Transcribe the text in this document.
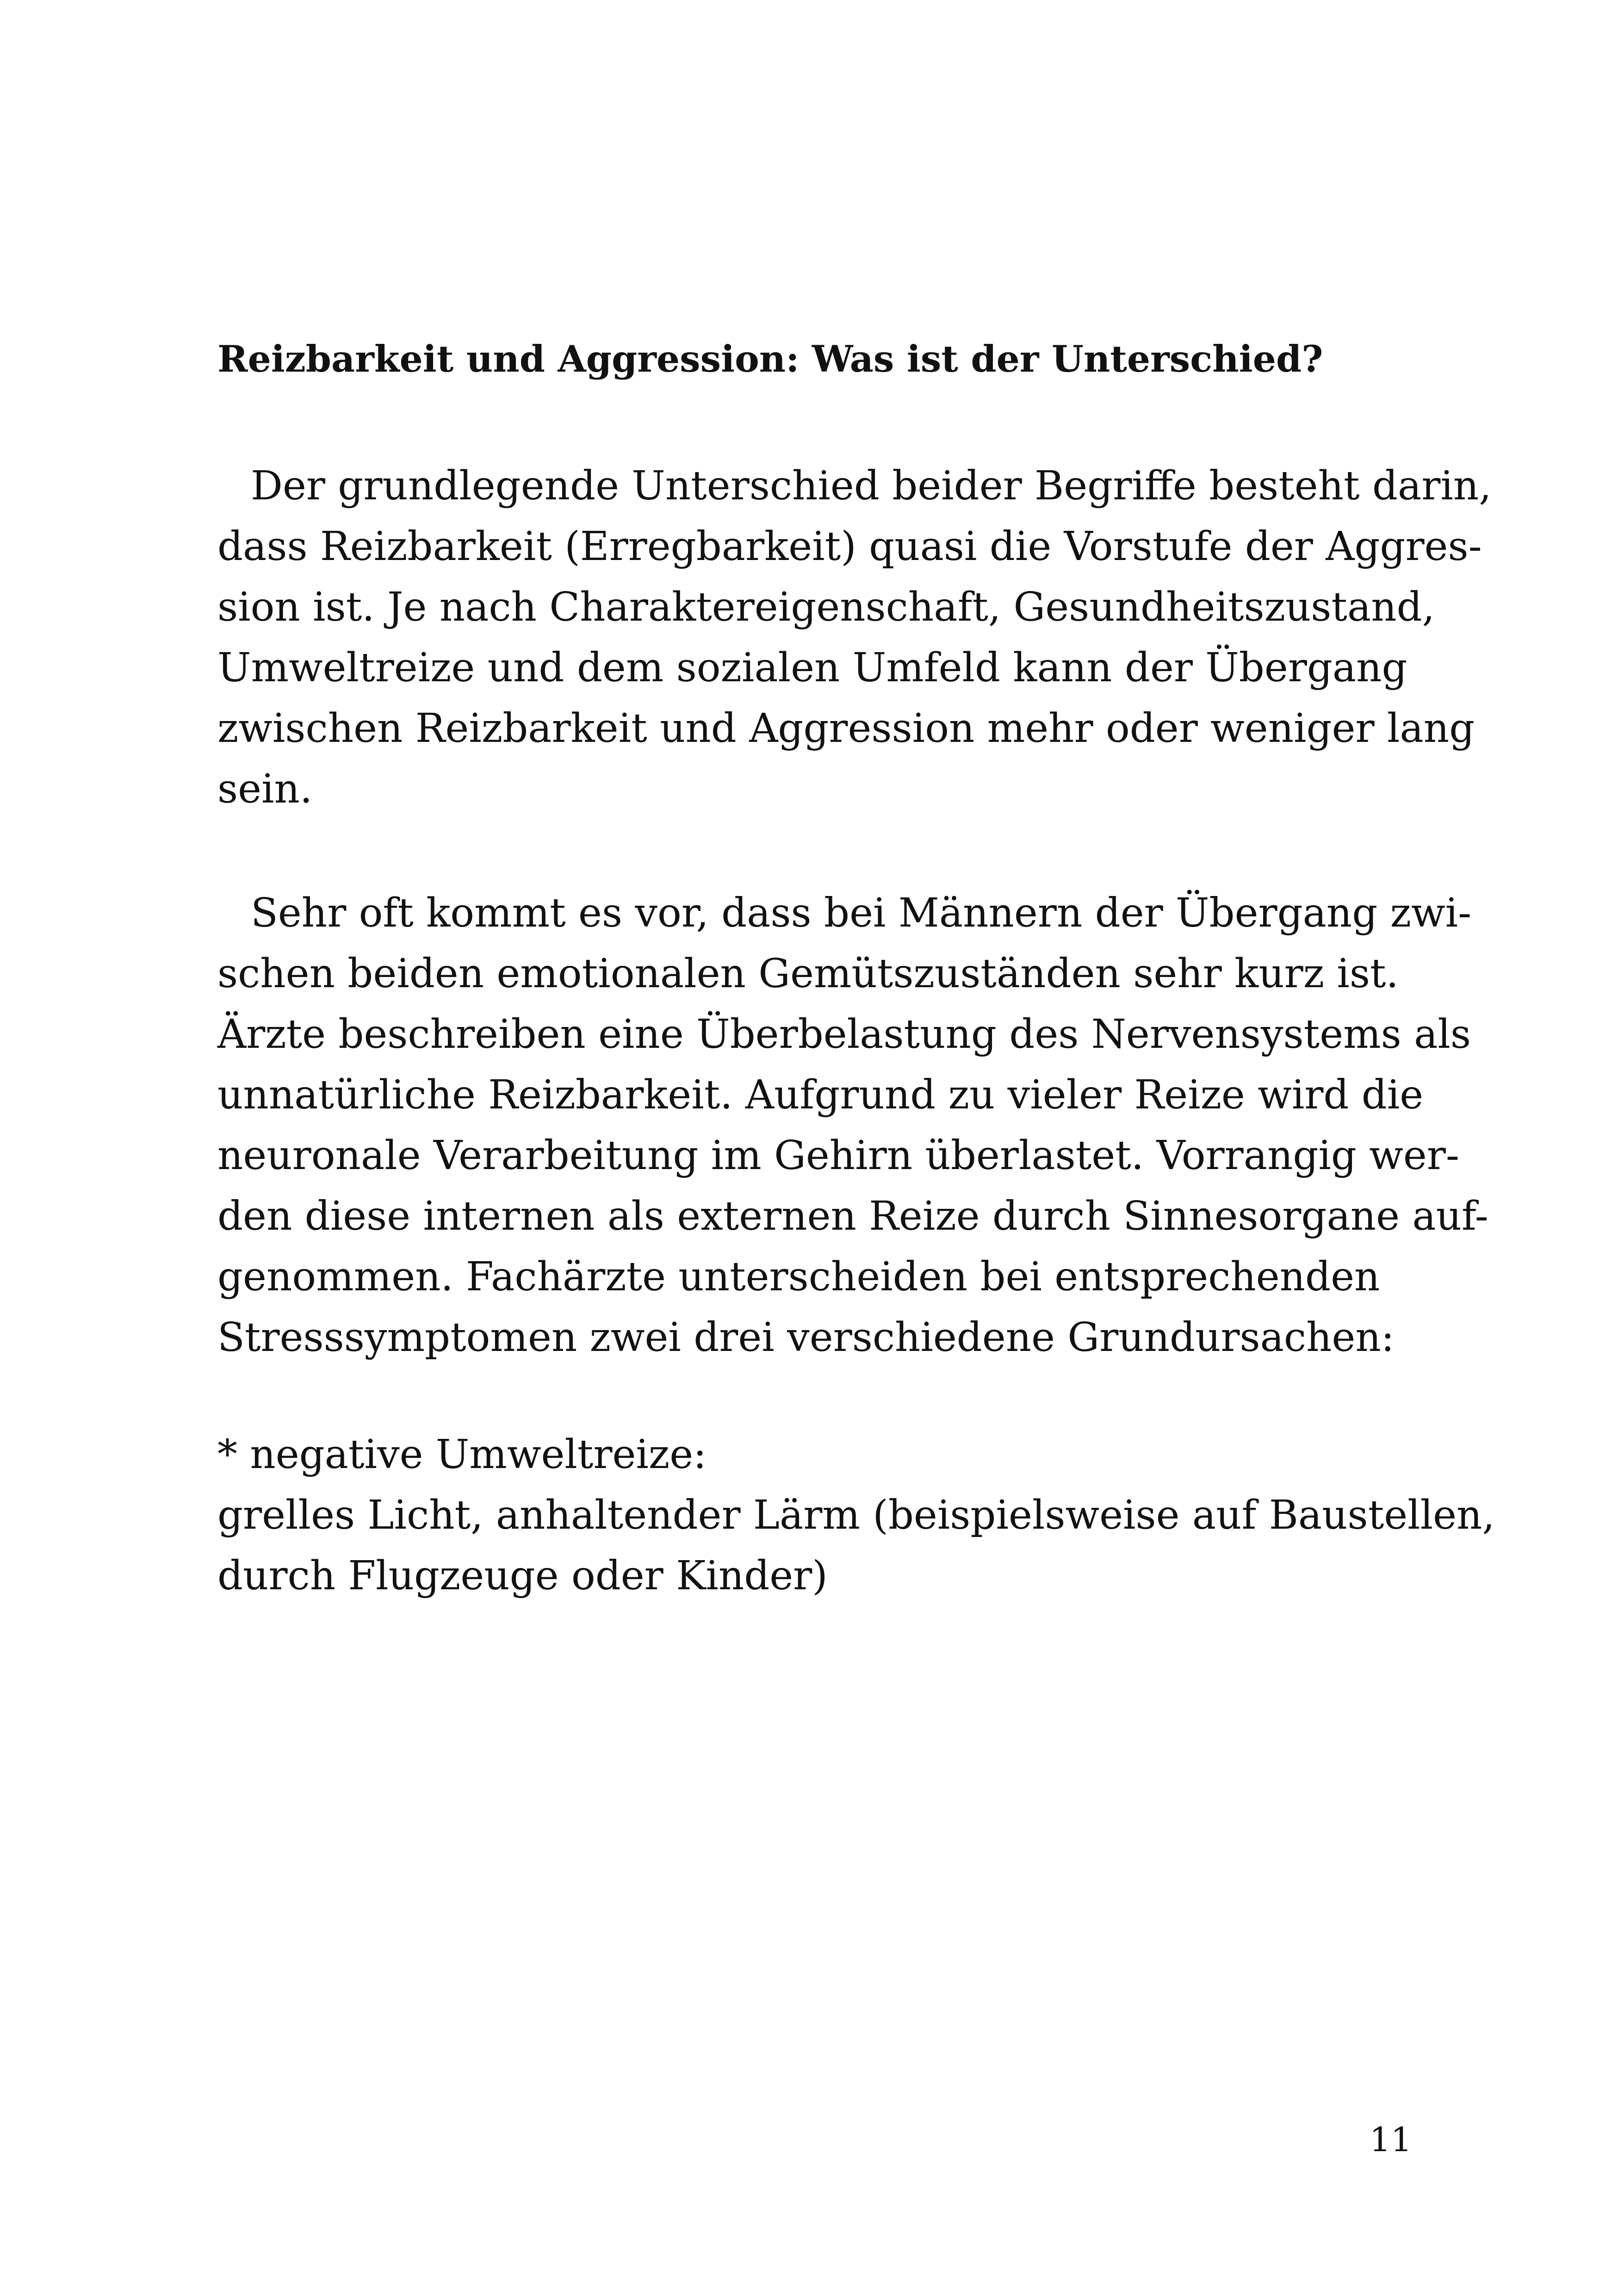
Reizbarkeit und Aggression: Was ist der Unterschied?
Der grundlegende Unterschied beider Begriffe besteht darin,
dass Reizbarkeit (Erregbarkeit) quasi die Vorstufe der Aggres-
sion ist. Je nach Charaktereigenschaft, Gesundheitszustand,
Umweltreize und dem sozialen Umfeld kann der Übergang
zwischen Reizbarkeit und Aggression mehr oder weniger lang
sein.
Sehr oft kommt es vor, dass bei Männern der Übergang zwi-
schen beiden emotionalen Gemütszuständen sehr kurz ist.
Ärzte beschreiben eine Überbelastung des Nervensystems als
unnatürliche Reizbarkeit. Aufgrund zu vieler Reize wird die
neuronale Verarbeitung im Gehirn überlastet. Vorrangig wer-
den diese internen als externen Reize durch Sinnesorgane auf-
genommen. Fachärzte unterscheiden bei entsprechenden
Stresssymptomen zwei drei verschiedene Grundursachen:
* negative Umweltreize:
grelles Licht, anhaltender Lärm (beispielsweise auf Baustellen,
durch Flugzeuge oder Kinder)
11
